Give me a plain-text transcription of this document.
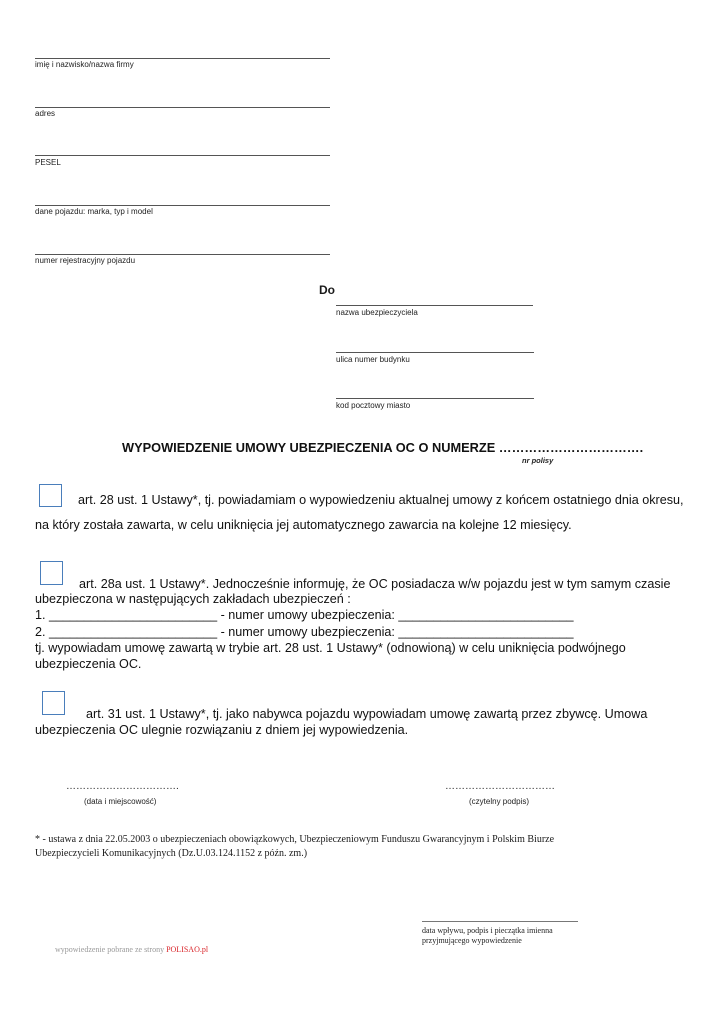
imię i nazwisko/nazwa firmy
adres
PESEL
dane pojazdu: marka, typ i model
numer rejestracyjny pojazdu
Do
nazwa ubezpieczyciela
ulica numer budynku
kod pocztowy miasto
WYPOWIEDZENIE UMOWY UBEZPIECZENIA OC O NUMERZE …………………………….
nr polisy
art. 28 ust. 1 Ustawy*, tj. powiadamiam o wypowiedzeniu aktualnej umowy z końcem ostatniego dnia okresu,
na który została zawarta, w celu uniknięcia jej automatycznego zawarcia na kolejne 12 miesięcy.
art. 28a ust. 1 Ustawy*. Jednocześnie informuję, że OC posiadacza w/w pojazdu jest w tym samym czasie
ubezpieczona w następujących zakładach ubezpieczeń :
1. ________________________ - numer umowy ubezpieczenia: _________________________
2. ________________________ - numer umowy ubezpieczenia: _________________________
tj. wypowiadam umowę zawartą w trybie art. 28 ust. 1 Ustawy* (odnowioną) w celu uniknięcia podwójnego
ubezpieczenia OC.
art. 31 ust. 1 Ustawy*, tj. jako nabywca pojazdu wypowiadam umowę zawartą przez zbywcę. Umowa
ubezpieczenia OC ulegnie rozwiązaniu z dniem jej wypowiedzenia.
…………………………….
(data i miejscowość)
……………………………
(czytelny podpis)
* - ustawa z dnia 22.05.2003 o ubezpieczeniach obowiązkowych, Ubezpieczeniowym Funduszu Gwarancyjnym i Polskim Biurze
Ubezpieczycieli Komunikacyjnych (Dz.U.03.124.1152 z późn. zm.)
data wpływu, podpis i pieczątka imienna
przyjmującego wypowiedzenie
wypowiedzenie pobrane ze strony POLISAO.pl
